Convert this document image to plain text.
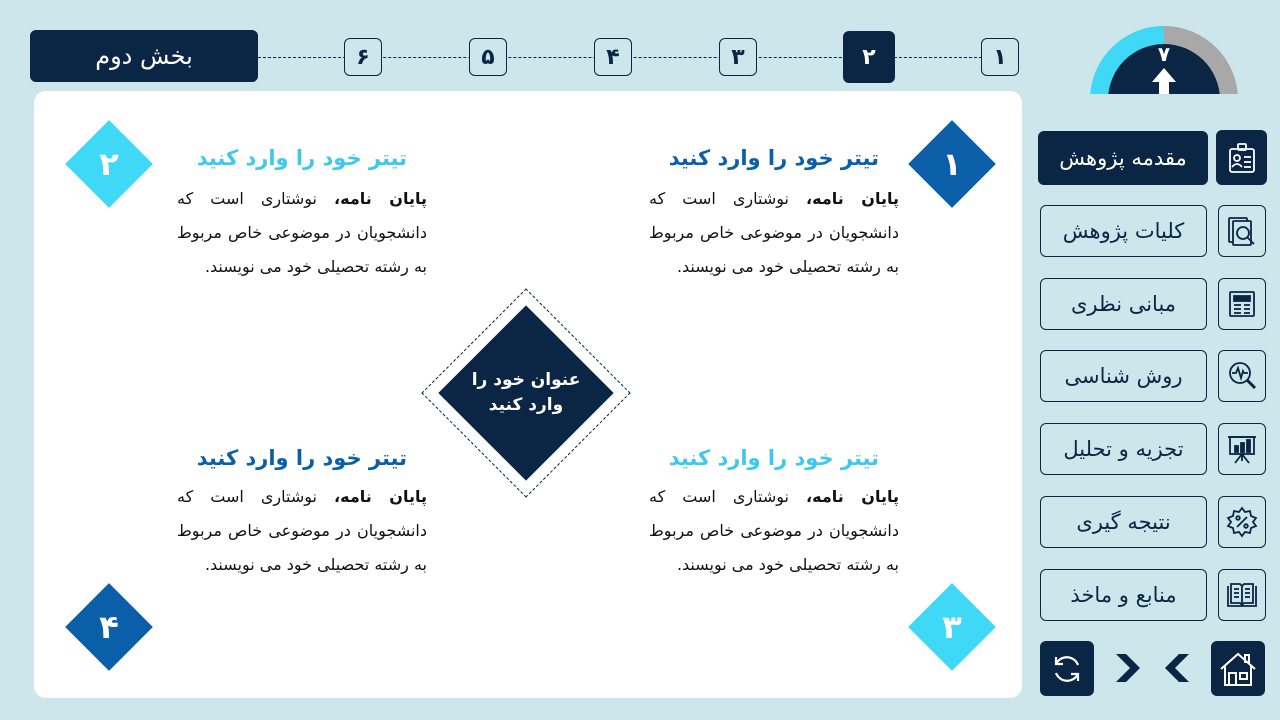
بخش دوم	۶	۵	۴	۳	۲	۱	۷
مقدمه پژوهش
کلیات پژوهش
مبانی نظری
روش شناسی
تجزیه و تحلیل
نتیجه گیری
منابع و ماخذ
۱
تیتر خود را وارد کنید
پایان نامه، نوشتاری است که دانشجویان در موضوعی خاص مربوط به رشته تحصیلی خود می نویسند.
۲	تیتر خود را وارد کنید
پایان نامه، نوشتاری است که دانشجویان در موضوعی خاص مربوط به رشته تحصیلی خود می نویسند.
۳
تیتر خود را وارد کنید
پایان نامه، نوشتاری است که دانشجویان در موضوعی خاص مربوط به رشته تحصیلی خود می نویسند.
۴
تیتر خود را وارد کنید
پایان نامه، نوشتاری است که دانشجویان در موضوعی خاص مربوط به رشته تحصیلی خود می نویسند.
عنوان خود را
وارد کنید
